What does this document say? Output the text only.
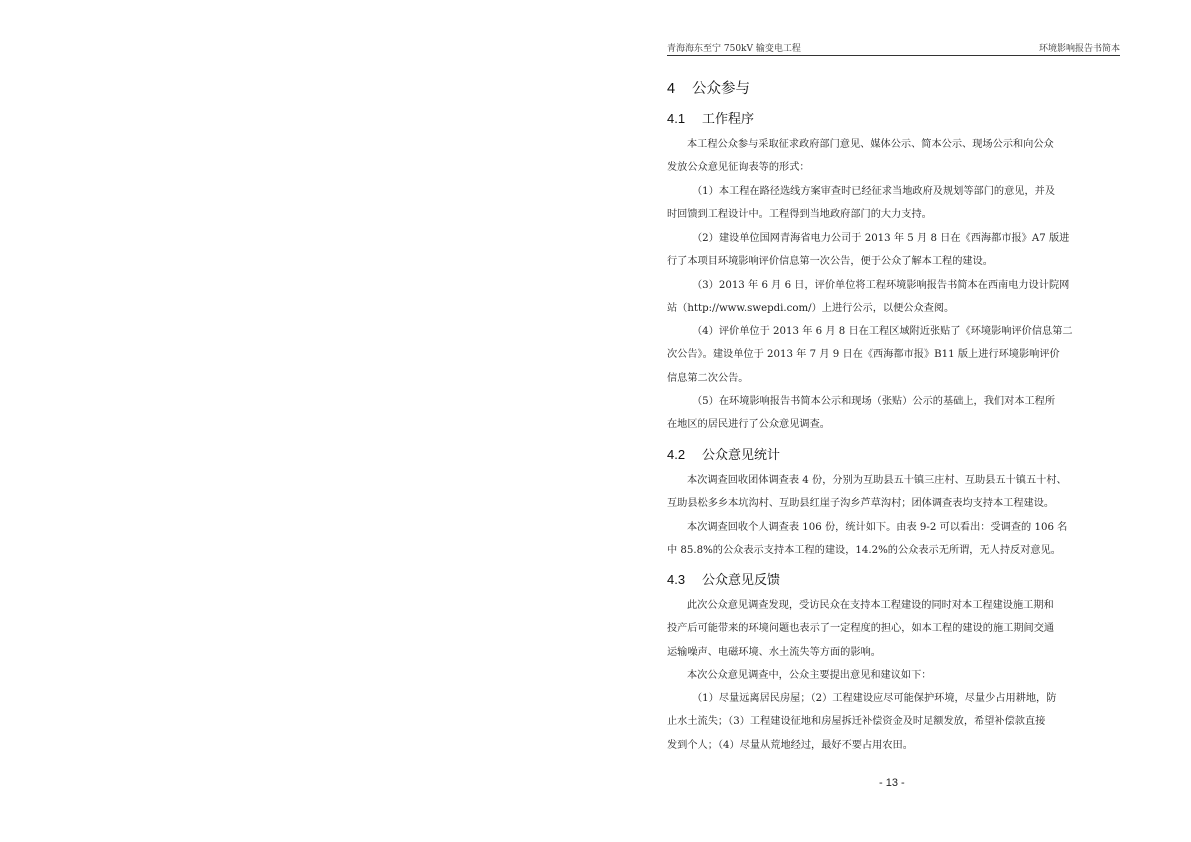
青海海东至宁 750kV 输变电工程	环境影响报告书简本
4 公众参与
4.1 工作程序
本工程公众参与采取征求政府部门意见、媒体公示、简本公示、现场公示和向公众
发放公众意见征询表等的形式：
（1）本工程在路径选线方案审查时已经征求当地政府及规划等部门的意见，并及
时回馈到工程设计中。工程得到当地政府部门的大力支持。
（2）建设单位国网青海省电力公司于 2013 年 5 月 8 日在《西海都市报》A7 版进
行了本项目环境影响评价信息第一次公告，便于公众了解本工程的建设。
（3）2013 年 6 月 6 日，评价单位将工程环境影响报告书简本在西南电力设计院网
站（http://www.swepdi.com/）上进行公示，以便公众查阅。
（4）评价单位于 2013 年 6 月 8 日在工程区域附近张贴了《环境影响评价信息第二
次公告》。建设单位于 2013 年 7 月 9 日在《西海都市报》B11 版上进行环境影响评价
信息第二次公告。
（5）在环境影响报告书简本公示和现场（张贴）公示的基础上，我们对本工程所
在地区的居民进行了公众意见调查。
4.2 公众意见统计
本次调查回收团体调查表 4 份，分别为互助县五十镇三庄村、互助县五十镇五十村、
互助县松多乡本坑沟村、互助县红崖子沟乡芦草沟村；团体调查表均支持本工程建设。
本次调查回收个人调查表 106 份，统计如下。由表 9-2 可以看出：受调查的 106 名
中 85.8%的公众表示支持本工程的建设，14.2%的公众表示无所谓，无人持反对意见。
4.3 公众意见反馈
此次公众意见调查发现，受访民众在支持本工程建设的同时对本工程建设施工期和
投产后可能带来的环境问题也表示了一定程度的担心，如本工程的建设的施工期间交通
运输噪声、电磁环境、水土流失等方面的影响。
本次公众意见调查中，公众主要提出意见和建议如下：
（1）尽量远离居民房屋；（2）工程建设应尽可能保护环境，尽量少占用耕地，防
止水土流失；（3）工程建设征地和房屋拆迁补偿资金及时足额发放，希望补偿款直接
发到个人；（4）尽量从荒地经过，最好不要占用农田。
- 13 -
